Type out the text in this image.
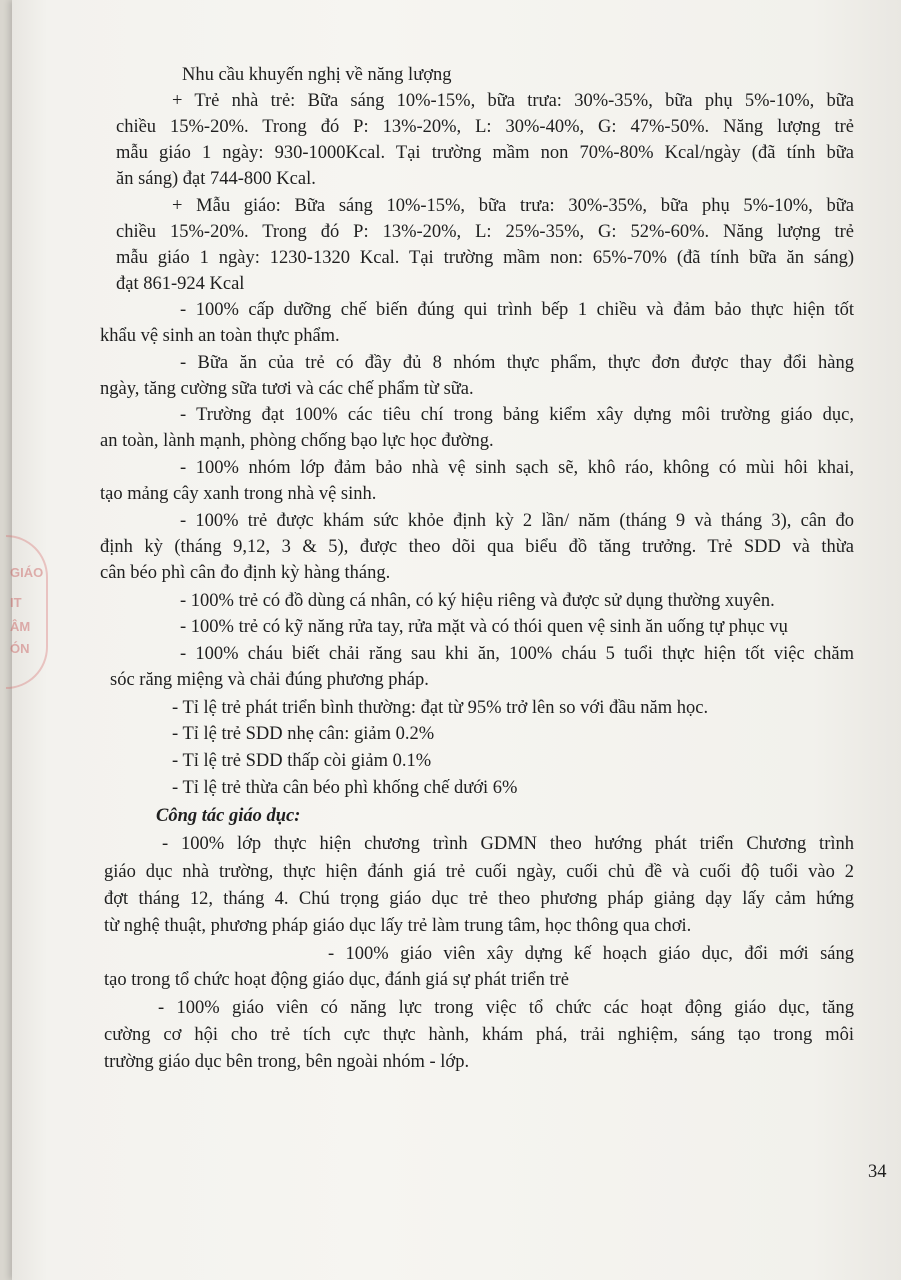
GIÁO
IT
ÂM
ÓN
Nhu cầu khuyến nghị về năng lượng
+ Trẻ nhà trẻ: Bữa sáng 10%-15%, bữa trưa: 30%-35%, bữa phụ 5%-10%, bữa
chiều 15%-20%. Trong đó P: 13%-20%, L: 30%-40%, G: 47%-50%. Năng lượng trẻ
mẫu giáo 1 ngày: 930-1000Kcal. Tại trường mầm non 70%-80% Kcal/ngày (đã tính bữa
ăn sáng) đạt 744-800 Kcal.
+ Mẫu giáo: Bữa sáng 10%-15%, bữa trưa: 30%-35%, bữa phụ 5%-10%, bữa
chiều 15%-20%. Trong đó P: 13%-20%, L: 25%-35%, G: 52%-60%. Năng lượng trẻ
mẫu giáo 1 ngày: 1230-1320 Kcal. Tại trường mầm non: 65%-70% (đã tính bữa ăn sáng)
đạt 861-924 Kcal
- 100% cấp dưỡng chế biến đúng qui trình bếp 1 chiều và đảm bảo thực hiện tốt
khẩu vệ sinh an toàn thực phẩm.
- Bữa ăn của trẻ có đầy đủ 8 nhóm thực phẩm, thực đơn được thay đổi hàng
ngày, tăng cường sữa tươi và các chế phẩm từ sữa.
- Trường đạt 100% các tiêu chí trong bảng kiểm xây dựng môi trường giáo dục,
an toàn, lành mạnh, phòng chống bạo lực học đường.
- 100% nhóm lớp đảm bảo nhà vệ sinh sạch sẽ, khô ráo, không có mùi hôi khai,
tạo mảng cây xanh trong nhà vệ sinh.
- 100% trẻ được khám sức khỏe định kỳ 2 lần/ năm (tháng 9 và tháng 3), cân đo
định kỳ (tháng 9,12, 3 & 5), được theo dõi qua biểu đồ tăng trưởng. Trẻ SDD và thừa
cân béo phì cân đo định kỳ hàng tháng.
- 100% trẻ có đồ dùng cá nhân, có ký hiệu riêng và được sử dụng thường xuyên.
- 100% trẻ có kỹ năng rửa tay, rửa mặt và có thói quen vệ sinh ăn uống tự phục vụ
- 100% cháu biết chải răng sau khi ăn, 100% cháu 5 tuổi thực hiện tốt việc chăm
sóc răng miệng và chải đúng phương pháp.
- Tỉ lệ trẻ phát triển bình thường: đạt từ 95% trở lên so với đầu năm học.
- Tỉ lệ trẻ SDD nhẹ cân: giảm 0.2%
- Tỉ lệ trẻ SDD thấp còi giảm 0.1%
- Tỉ lệ trẻ thừa cân béo phì khống chế dưới 6%
Công tác giáo dục:
- 100% lớp thực hiện chương trình GDMN theo hướng phát triển Chương trình
giáo dục nhà trường, thực hiện đánh giá trẻ cuối ngày, cuối chủ đề và cuối độ tuổi vào 2
đợt tháng 12, tháng 4. Chú trọng giáo dục trẻ theo phương pháp giảng dạy lấy cảm hứng
từ nghệ thuật, phương pháp giáo dục lấy trẻ làm trung tâm, học thông qua chơi.
- 100% giáo viên xây dựng kế hoạch giáo dục, đổi mới sáng
tạo trong tổ chức hoạt động giáo dục, đánh giá sự phát triển trẻ
- 100% giáo viên có năng lực trong việc tổ chức các hoạt động giáo dục, tăng
cường cơ hội cho trẻ tích cực thực hành, khám phá, trải nghiệm, sáng tạo trong môi
trường giáo dục bên trong, bên ngoài nhóm - lớp.
34
